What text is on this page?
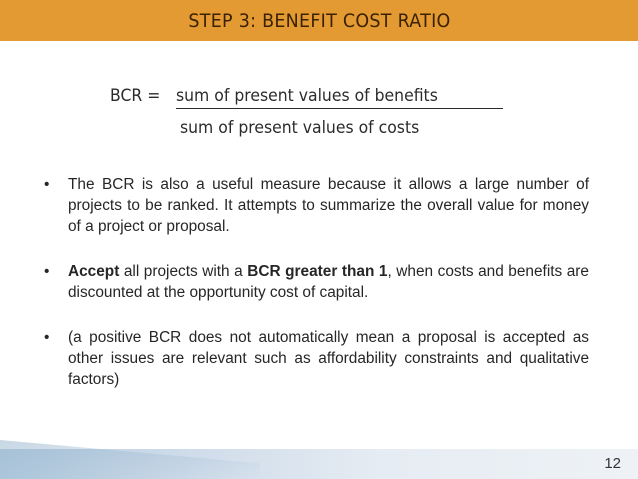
STEP 3: BENEFIT COST RATIO
BCR = sum of present values of benefits
sum of present values of costs
•	The BCR is also a useful measure because it allows a large number of projects to be ranked. It attempts to summarize the overall value for money of a project or proposal.
•	Accept all projects with a BCR greater than 1, when costs and benefits are discounted at the opportunity cost of capital.
•	(a positive BCR does not automatically mean a proposal is accepted as other issues are relevant such as affordability constraints and qualitative factors)
12
